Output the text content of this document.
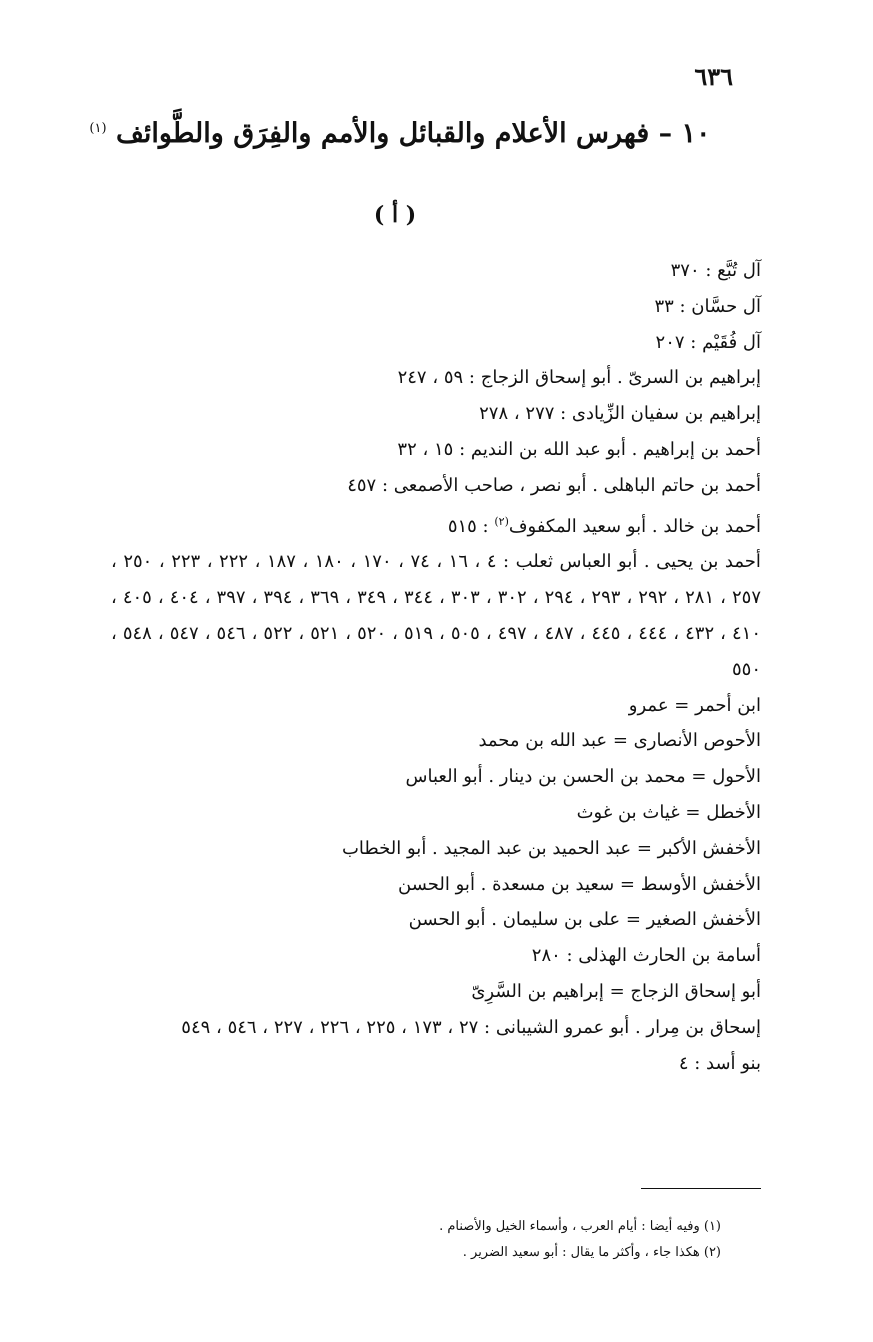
٦٣٦
١٠ – فهرس الأعلام والقبائل والأمم والفِرَق والطَّوائف $^{(١)}$
( أ )
آل تُبَّع : ٣٧٠
آل حسَّان : ٣٣
آل فُقَيْم : ٢٠٧
إبراهيم بن السرىّ . أبو إسحاق الزجاج : ٥٩ ، ٢٤٧
إبراهيم بن سفيان الزِّيادى : ٢٧٧ ، ٢٧٨
أحمد بن إبراهيم . أبو عبد الله بن النديم : ١٥ ، ٣٢
أحمد بن حاتم الباهلى . أبو نصر ، صاحب الأصمعى : ٤٥٧
أحمد بن خالد . أبو سعيد المكفوف$^{(٢)}$ : ٥١٥
أحمد بن يحيى . أبو العباس ثعلب : ٤ ، ١٦ ، ٧٤ ، ١٧٠ ، ١٨٠ ، ١٨٧ ، ٢٢٢ ، ٢٢٣ ، ٢٥٠ ، ٢٥٧ ، ٢٨١ ، ٢٩٢ ، ٢٩٣ ، ٢٩٤ ، ٣٠٢ ، ٣٠٣ ، ٣٤٤ ، ٣٤٩ ، ٣٦٩ ، ٣٩٤ ، ٣٩٧ ، ٤٠٤ ، ٤٠٥ ، ٤١٠ ، ٤٣٢ ، ٤٤٤ ، ٤٤٥ ، ٤٨٧ ، ٤٩٧ ، ٥٠٥ ، ٥١٩ ، ٥٢٠ ، ٥٢١ ، ٥٢٢ ، ٥٤٦ ، ٥٤٧ ، ٥٤٨ ، ٥٥٠
ابن أحمر = عمرو
الأحوص الأنصارى = عبد الله بن محمد
الأحول = محمد بن الحسن بن دينار . أبو العباس
الأخطل = غياث بن غوث
الأخفش الأكبر = عبد الحميد بن عبد المجيد . أبو الخطاب
الأخفش الأوسط = سعيد بن مسعدة . أبو الحسن
الأخفش الصغير = على بن سليمان . أبو الحسن
أسامة بن الحارث الهذلى : ٢٨٠
أبو إسحاق الزجاج = إبراهيم بن السَّرِىّ
إسحاق بن مِرار . أبو عمرو الشيبانى : ٢٧ ، ١٧٣ ، ٢٢٥ ، ٢٢٦ ، ٢٢٧ ، ٥٤٦ ، ٥٤٩
بنو أسد : ٤
(١) وفيه أيضا : أيام العرب ، وأسماء الخيل والأصنام .
(٢) هكذا جاء ، وأكثر ما يقال : أبو سعيد الضرير .
